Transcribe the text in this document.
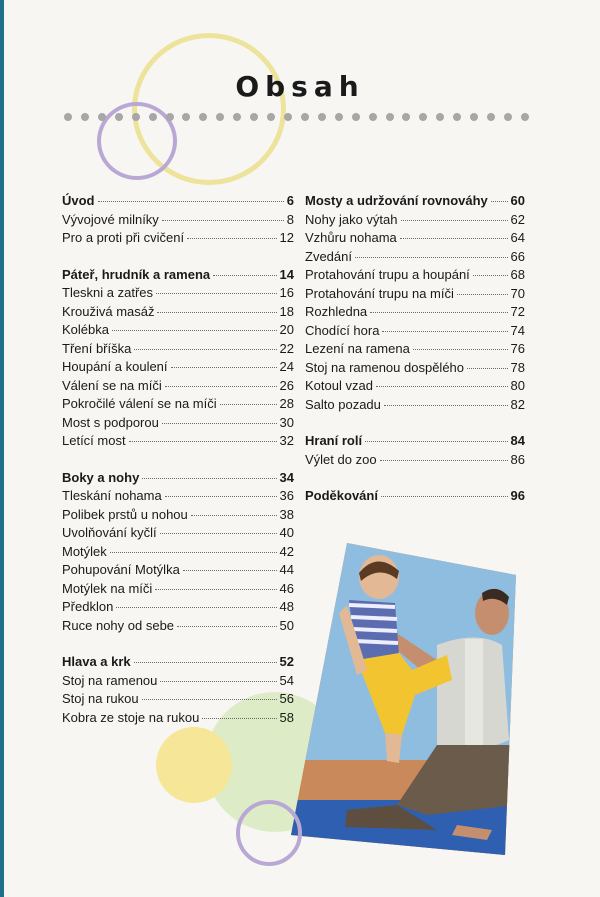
Obsah
Úvod	6
Vývojové milníky	8
Pro a proti při cvičení	12
Páteř, hrudník a ramena	14
Tleskni a zatřes	16
Krouživá masáž	18
Kolébka	20
Tření bříška	22
Houpání a koulení	24
Válení se na míči	26
Pokročilé válení se na míči	28
Most s podporou	30
Letící most	32
Boky a nohy	34
Tleskání nohama	36
Polibek prstů u nohou	38
Uvolňování kyčlí	40
Motýlek	42
Pohupování Motýlka	44
Motýlek na míči	46
Předklon	48
Ruce nohy od sebe	50
Hlava a krk	52
Stoj na ramenou	54
Stoj na rukou	56
Kobra ze stoje na rukou	58
Mosty a udržování rovnováhy 60
Nohy jako výtah	62
Vzhůru nohama	64
Zvedání	66
Protahování trupu a houpání	68
Protahování trupu na míči	70
Rozhledna	72
Chodící hora	74
Lezení na ramena	76
Stoj na ramenou dospělého	78
Kotoul vzad	80
Salto pozadu	82
Hraní rolí	84
Výlet do zoo	86
Poděkování	96
